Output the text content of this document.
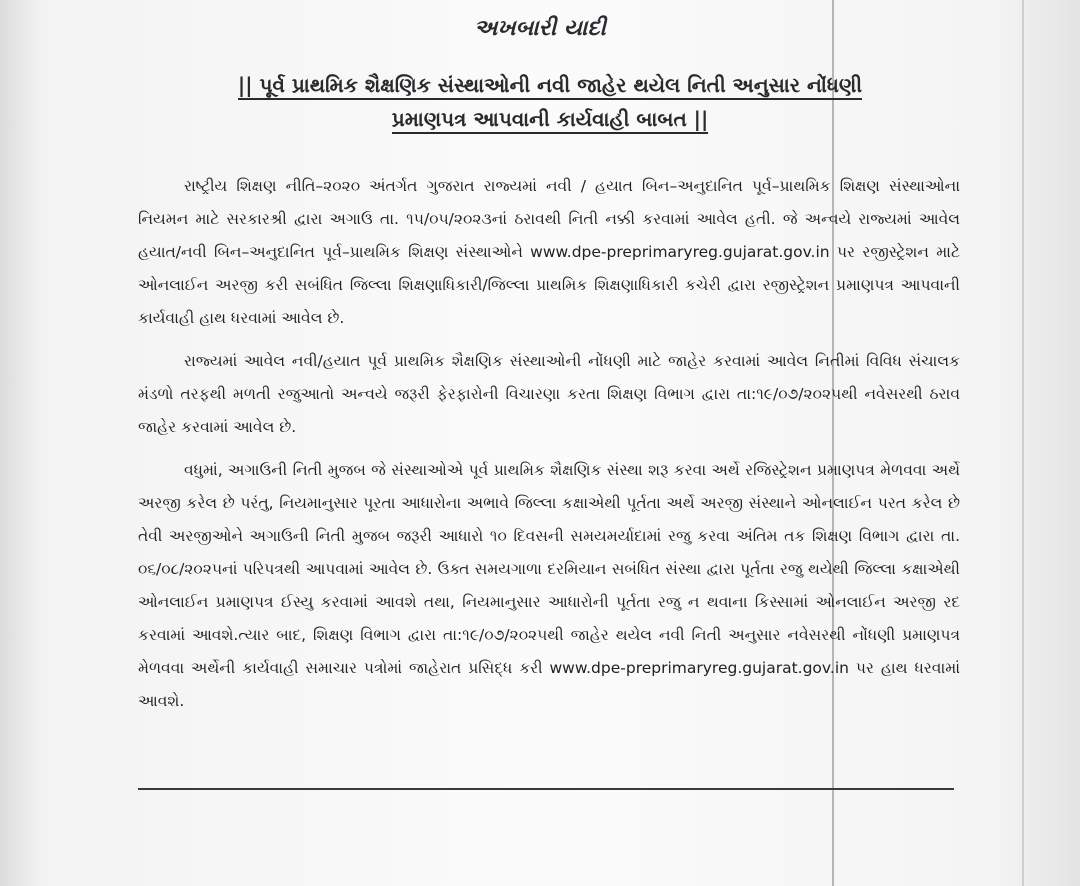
અખબારી યાદી
|| પૂર્વ પ્રાથમિક શૈક્ષણિક સંસ્થાઓની નવી જાહેર થયેલ નિતી અનુસાર નોંધણી
પ્રમાણપત્ર આપવાની કાર્યવાહી બાબત ||

રાષ્ટ્રીય શિક્ષણ નીતિ–૨૦૨૦ અંતર્ગત ગુજરાત રાજ્યમાં નવી / હયાત બિન–અનુદાનિત પૂર્વ–પ્રાથમિક શિક્ષણ સંસ્થાઓના નિયમન માટે સરકારશ્રી દ્વારા અગાઉ તા. ૧૫/૦૫/૨૦૨૩નાં ઠરાવથી નિતી નક્કી કરવામાં આવેલ હતી. જે અન્વયે રાજ્યમાં આવેલ હયાત/નવી બિન–અનુદાનિત પૂર્વ–પ્રાથમિક શિક્ષણ સંસ્થાઓને www.dpe-preprimaryreg.gujarat.gov.in પર રજીસ્ટ્રેશન માટે ઓનલાઈન અરજી કરી સબંધિત જિલ્લા શિક્ષણાધિકારી/જિલ્લા પ્રાથમિક શિક્ષણાધિકારી કચેરી દ્વારા રજીસ્ટ્રેશન પ્રમાણપત્ર આપવાની કાર્યવાહી હાથ ધરવામાં આવેલ છે.

રાજ્યમાં આવેલ નવી/હયાત પૂર્વ પ્રાથમિક શૈક્ષણિક સંસ્થાઓની નોંધણી માટે જાહેર કરવામાં આવેલ નિતીમાં વિવિધ સંચાલક મંડળો તરફથી મળતી રજુઆતો અન્વયે જરૂરી ફેરફારોની વિચારણા કરતા શિક્ષણ વિભાગ દ્વારા તા:૧૯/૦૭/૨૦૨૫થી નવેસરથી ઠરાવ જાહેર કરવામાં આવેલ છે.

વધુમાં, અગાઉની નિતી મુજબ જે સંસ્થાઓએ પૂર્વ પ્રાથમિક શૈક્ષણિક સંસ્થા શરૂ કરવા અર્થે રજિસ્ટ્રેશન પ્રમાણપત્ર મેળવવા અર્થે અરજી કરેલ છે પરંતુ, નિયમાનુસાર પૂરતા આધારોના અભાવે જિલ્લા કક્ષાએથી પૂર્તતા અર્થે અરજી સંસ્થાને ઓનલાઈન પરત કરેલ છે તેવી અરજીઓને અગાઉની નિતી મુજબ જરૂરી આધારો ૧૦ દિવસની સમયમર્યાદામાં રજુ કરવા અંતિમ તક શિક્ષણ વિભાગ દ્વારા તા. ૦૬/૦૮/૨૦૨૫નાં પરિપત્રથી આપવામાં આવેલ છે. ઉક્ત સમયગાળા દરમિયાન સબંધિત સંસ્થા દ્વારા પૂર્તતા રજુ થયેથી જિલ્લા કક્ષાએથી ઓનલાઈન પ્રમાણપત્ર ઈસ્યુ કરવામાં આવશે તથા, નિયમાનુસાર આધારોની પૂર્તતા રજુ ન થવાના કિસ્સામાં ઓનલાઈન અરજી રદ કરવામાં આવશે.ત્યાર બાદ, શિક્ષણ વિભાગ દ્વારા તા:૧૯/૦૭/૨૦૨૫થી જાહેર થયેલ નવી નિતી અનુસાર નવેસરથી નોંધણી પ્રમાણપત્ર મેળવવા અર્થેની કાર્યવાહી સમાચાર પત્રોમાં જાહેરાત પ્રસિદ્ધ કરી www.dpe-preprimaryreg.gujarat.gov.in પર હાથ ધરવામાં આવશે.
